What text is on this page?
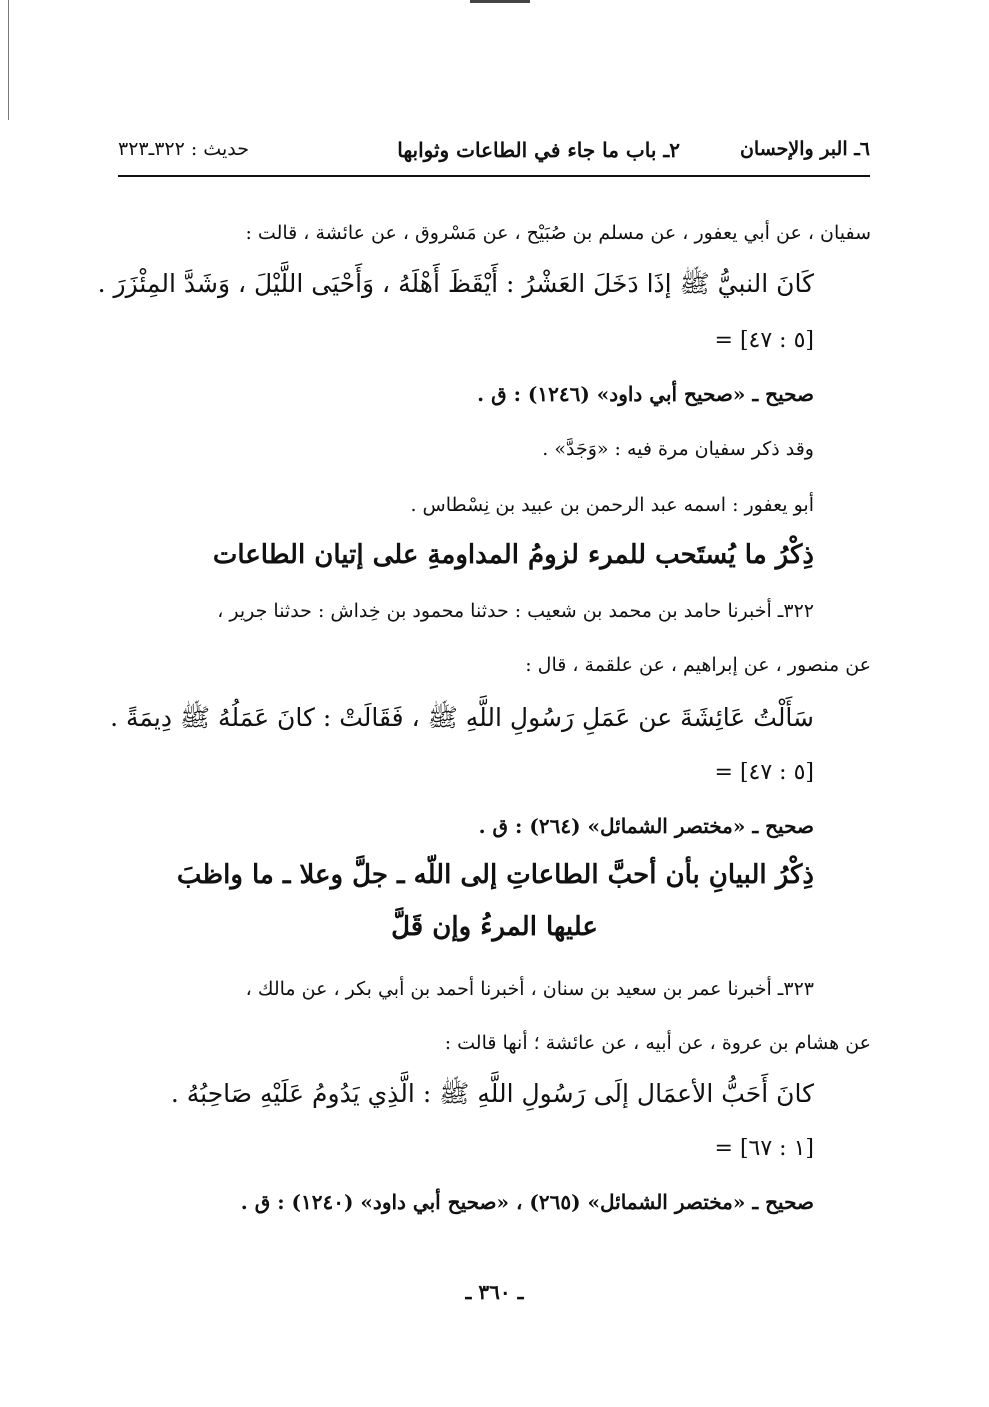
٦ـ البر والإحسان
٢ـ باب ما جاء في الطاعات وثوابها
حديث : ٣٢٢ـ٣٢٣
سفيان ، عن أبي يعفور ، عن مسلم بن صُبَيْح ، عن مَسْروق ، عن عائشة ، قالت :
كَانَ النبيُّ ﷺ إذَا دَخَلَ العَشْرُ : أَيْقَظَ أَهْلَهُ ، وَأَحْيَى اللَّيْلَ ، وَشَدَّ المِئْزَرَ .
= [٥ : ٤٧]
صحيح ـ «صحيح أبي داود» (١٢٤٦) : ق .
وقد ذكر سفيان مرة فيه : «وَجَدَّ» .
أبو يعفور : اسمه عبد الرحمن بن عبيد بن نِسْطاس .
ذِكْرُ ما يُستَحب للمرء لزومُ المداومةِ على إتيان الطاعات
٣٢٢ـ أخبرنا حامد بن محمد بن شعيب : حدثنا محمود بن خِداش : حدثنا جرير ،
عن منصور ، عن إبراهيم ، عن علقمة ، قال :
سَأَلْتُ عَائِشَةَ عن عَمَلِ رَسُولِ اللَّهِ ﷺ ، فَقَالَتْ : كانَ عَمَلُهُ ﷺ دِيمَةً .
= [٥ : ٤٧]
صحيح ـ «مختصر الشمائل» (٢٦٤) : ق .
ذِكْرُ البيانِ بأن أحبَّ الطاعاتِ إلى اللّه ـ جلَّ وعلا ـ ما واظبَ
عليها المرءُ وإن قَلَّ
٣٢٣ـ أخبرنا عمر بن سعيد بن سنان ، أخبرنا أحمد بن أبي بكر ، عن مالك ،
عن هشام بن عروة ، عن أبيه ، عن عائشة ؛ أنها قالت :
كانَ أَحَبُّ الأعمَال إلَى رَسُولِ اللَّهِ ﷺ : الَّذِي يَدُومُ عَلَيْهِ صَاحِبُهُ .
= [١ : ٦٧]
صحيح ـ «مختصر الشمائل» (٢٦٥) ، «صحيح أبي داود» (١٢٤٠) : ق .
ـ ٣٦٠ ـ
